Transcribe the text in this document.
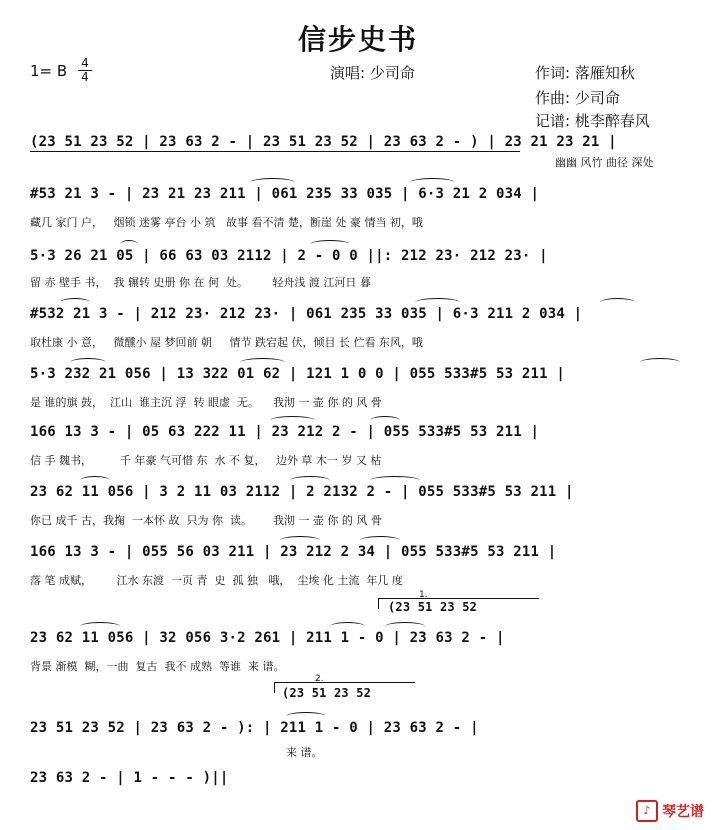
信步史书
1= B 4
4	演唱: 少司命	作词: 落雁知秋
作曲: 少司命
记谱: 桃李醉春风
(23 51 23 52 | 23 63 2 - | 23 51 23 52 | 23 63 2 - ) | 23 21 23 21 |
幽幽 风竹 曲径 深处
#53 21 3 - | 23 21 23 211 | 061 235 33 035 | 6·3 21 2 034 |
藏几 家门 户，   烟锁 迷雾 亭台 小 筑   故事 看不清 楚，断崖 处 豪 情当 初，哦
5·3 26 21 05 | 66 63 03 2112 | 2 - 0 0 ||: 212 23· 212 23· |
留 赤 壁手 书，  我 辗转 史册 你 在 何  处。       轻舟浅 渡 江河日 暮
#532 21 3 - | 212 23· 212 23· | 061 235 33 035 | 6·3 211 2 034 |
取杜康 小 意，   微醺小 屋 梦回前 朝     情节 跌宕起 伏，倾目 长 伫看 东风，哦
5·3 232 21 056 | 13 322 01 62 | 121 1 0 0 | 055 533#5 53 211 |
是 谁的旗 鼓，  江山  谁主沉 浮  转 眼虚  无。    我沏 一 壶 你 的 风 骨
166 13 3 - | 05 63 222 11 | 23 212 2 - | 055 533#5 53 211 |
信 手 魏书，        千 年豪 气可惜 东  水 不 复，   边外 草 木一 岁 又 枯
23 62 11 056 | 3 2 11 03 2112 | 2 2132 2 - | 055 533#5 53 211 |
你已 成千 古，我掬  一本怀 故  只为 你  读。      我沏 一 壶 你 的 风 骨
166 13 3 - | 055 56 03 211 | 23 212 2 34 | 055 533#5 53 211 |
落 笔 成赋，       江水 东渡  一页 青  史  孤 独   哦，  尘埃 化 土流  年几 度
1.
(23 51 23 52
23 62 11 056 | 32 056 3·2 261 | 211 1 - 0 | 23 63 2 - |
背景 渐模  糊，一曲  复古  我不 成熟  等谁  来 谱。
2.
(23 51 23 52
23 51 23 52 | 23 63 2 - ): | 211 1 - 0 | 23 63 2 - |
来 谱。
23 63 2 - | 1 - - - )||
♪ 琴艺谱
